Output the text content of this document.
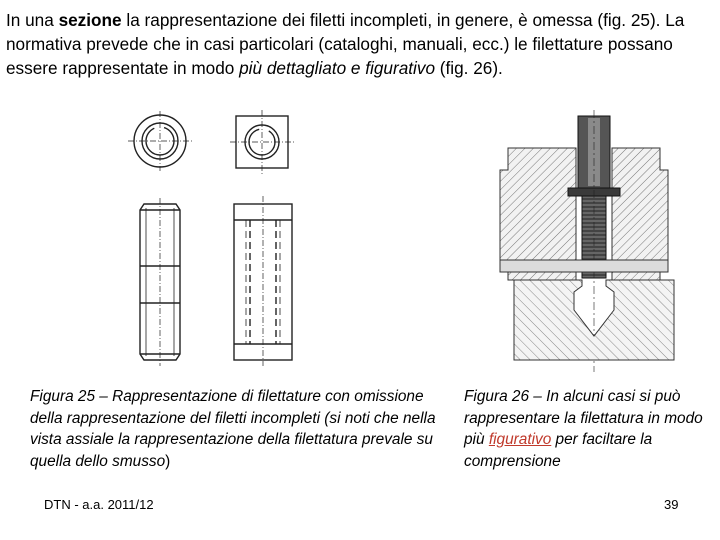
In una sezione la rappresentazione dei filetti incompleti, in genere, è omessa (fig. 25). La normativa prevede che in casi particolari (cataloghi, manuali, ecc.) le filettature possano essere rappresentate in modo più dettagliato e figurativo (fig. 26).

Figura 25 – Rappresentazione di filettature con omissione della rappresentazione del filetti incompleti (si noti che nella vista assiale la rappresentazione della filettatura prevale su quella dello smusso)

Figura 26 – In alcuni casi si può rappresentare la filettatura in modo più figurativo per faciltare la comprensione

DTN - a.a. 2011/12	39
